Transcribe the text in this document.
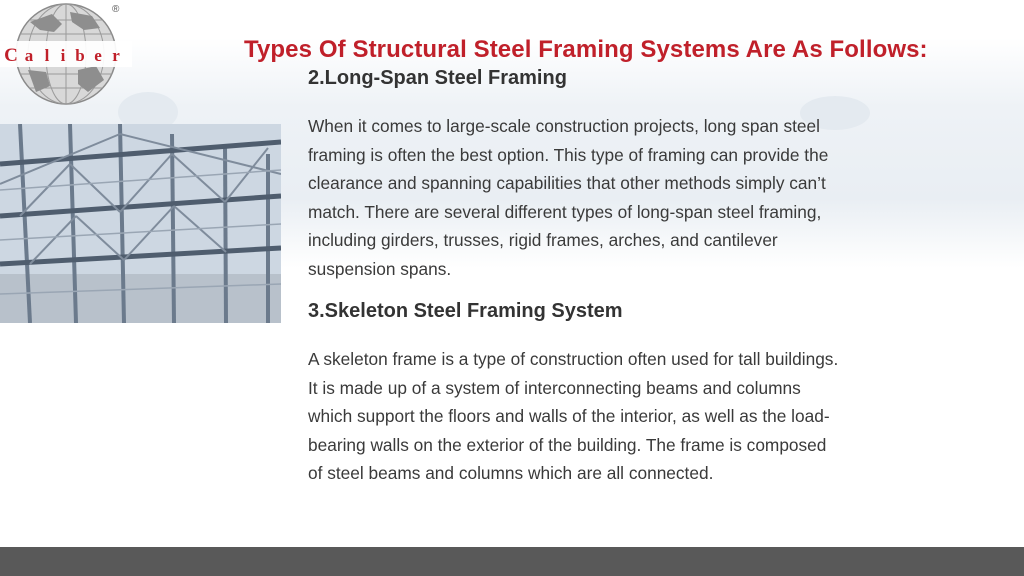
C a l i b e r
®
Types Of Structural Steel Framing Systems Are As Follows:
2.Long-Span Steel Framing
When it comes to large-scale construction projects, long span steel
framing is often the best option. This type of framing can provide the
clearance and spanning capabilities that other methods simply can’t
match. There are several different types of long-span steel framing,
including girders, trusses, rigid frames, arches, and cantilever
suspension spans.
3.Skeleton Steel Framing System
A skeleton frame is a type of construction often used for tall buildings.
It is made up of a system of interconnecting beams and columns
which support the floors and walls of the interior, as well as the load-
bearing walls on the exterior of the building. The frame is composed
of steel beams and columns which are all connected.
